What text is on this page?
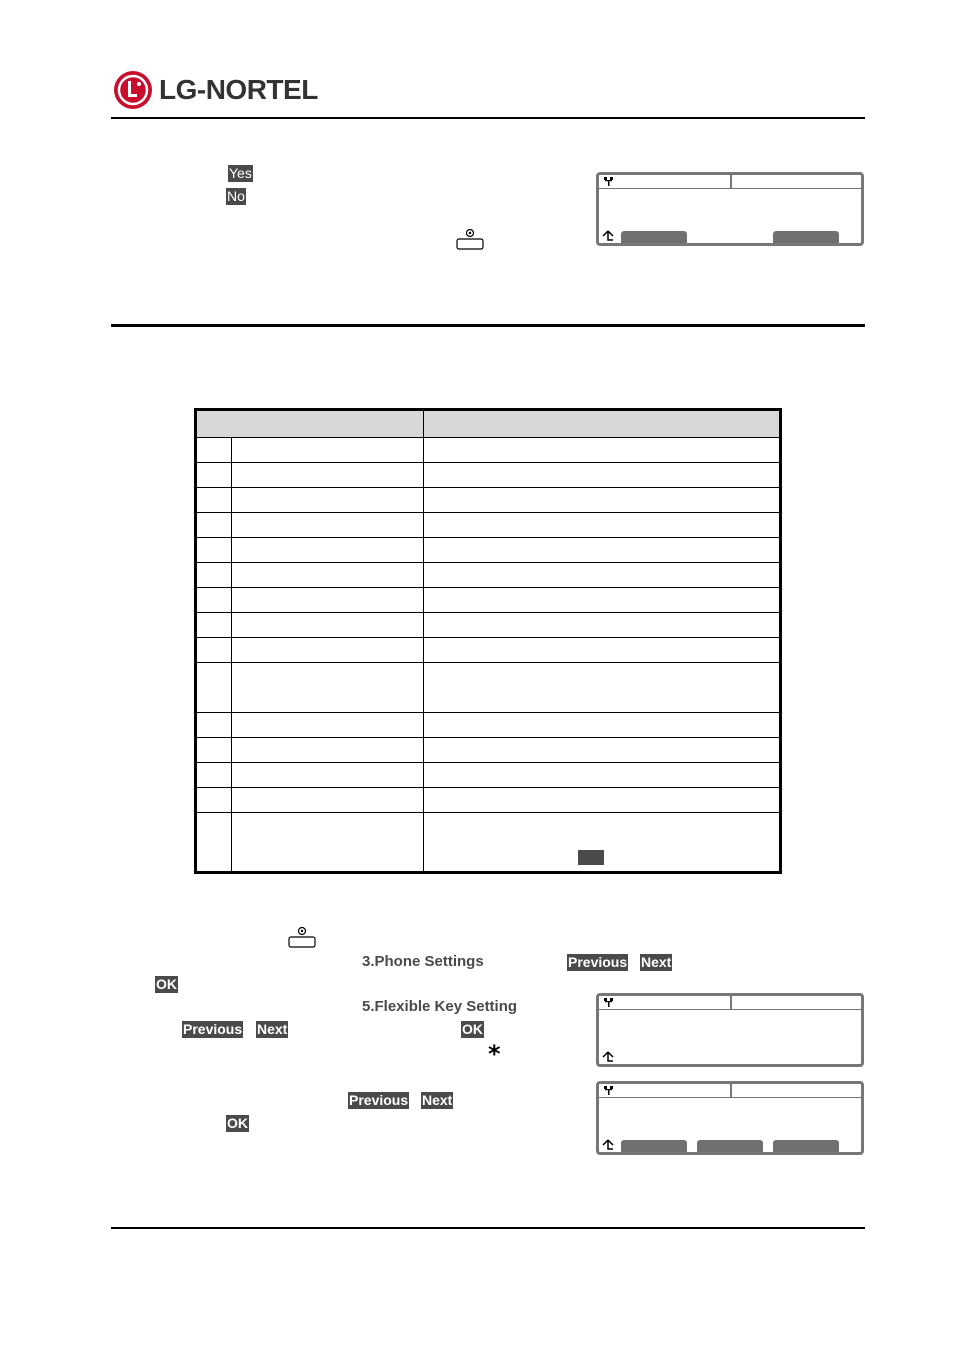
LG-NORTEL
Yes
No

3.Phone Settings	Previous Next
OK
5.Flexible Key Setting
Previous Next	OK
*
Previous Next
OK
